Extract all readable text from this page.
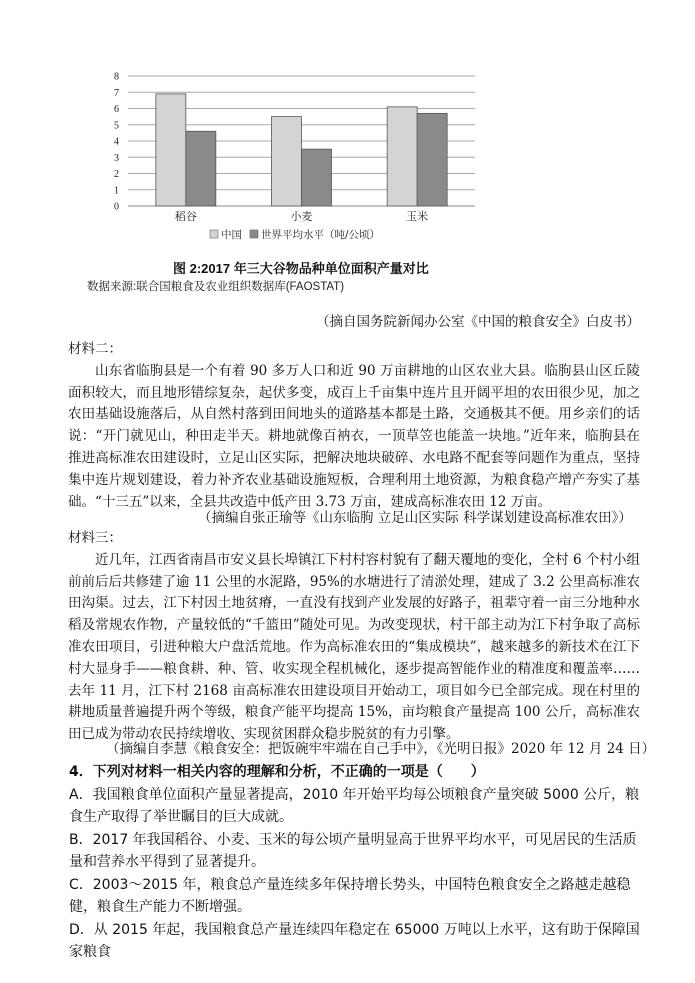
0
1
2
3
4
5
6
7
8
稻谷	小麦	玉米
中国 世界平均水平（吨/公顷）
图 2:2017 年三大谷物品种单位面积产量对比
数据来源:联合国粮食及农业组织数据库(FAOSTAT)
（摘自国务院新闻办公室《中国的粮食安全》白皮书）
材料二：

山东省临朐县是一个有着 90 多万人口和近 90 万亩耕地的山区农业大县。临朐县山区丘陵面积较大，而且地形错综复杂，起伏多变，成百上千亩集中连片且开阔平坦的农田很少见，加之农田基础设施落后，从自然村落到田间地头的道路基本都是土路，交通极其不便。用乡亲们的话说：“开门就见山，种田走半天。耕地就像百衲衣，一顶草笠也能盖一块地。”近年来，临朐县在推进高标准农田建设时，立足山区实际，把解决地块破碎、水电路不配套等问题作为重点，坚持集中连片规划建设，着力补齐农业基础设施短板，合理利用土地资源，为粮食稳产增产夯实了基础。“十三五”以来，全县共改造中低产田 3.73 万亩，建成高标准农田 12 万亩。

（摘编自张正瑜等《山东临朐 立足山区实际 科学谋划建设高标准农田》）
材料三：

近几年，江西省南昌市安义县长埠镇江下村村容村貌有了翻天覆地的变化，全村 6 个村小组前前后后共修建了逾 11 公里的水泥路，95%的水塘进行了清淤处理，建成了 3.2 公里高标准农田沟渠。过去，江下村因土地贫瘠，一直没有找到产业发展的好路子，祖辈守着一亩三分地种水稻及常规农作物，产量较低的“千篮田”随处可见。为改变现状，村干部主动为江下村争取了高标准农田项目，引进种粮大户盘活荒地。作为高标准农田的“集成模块”，越来越多的新技术在江下村大显身手——粮食耕、种、管、收实现全程机械化，逐步提高智能作业的精准度和覆盖率……去年 11 月，江下村 2168 亩高标准农田建设项目开始动工，项目如今已全部完成。现在村里的耕地质量普遍提升两个等级，粮食产能平均提高 15%，亩均粮食产量提高 100 公斤，高标准农田已成为带动农民持续增收、实现贫困群众稳步脱贫的有力引擎。

（摘编自李慧《粮食安全：把饭碗牢牢端在自己手中》，《光明日报》2020 年 12 月 24 日）

4．下列对材料一相关内容的理解和分析，不正确的一项是（　　）

A．我国粮食单位面积产量显著提高，2010 年开始平均每公顷粮食产量突破 5000 公斤，粮食生产取得了举世瞩目的巨大成就。

B．2017 年我国稻谷、小麦、玉米的每公顷产量明显高于世界平均水平，可见居民的生活质量和营养水平得到了显著提升。

C．2003～2015 年，粮食总产量连续多年保持增长势头，中国特色粮食安全之路越走越稳健，粮食生产能力不断增强。

D．从 2015 年起，我国粮食总产量连续四年稳定在 65000 万吨以上水平，这有助于保障国家粮食
